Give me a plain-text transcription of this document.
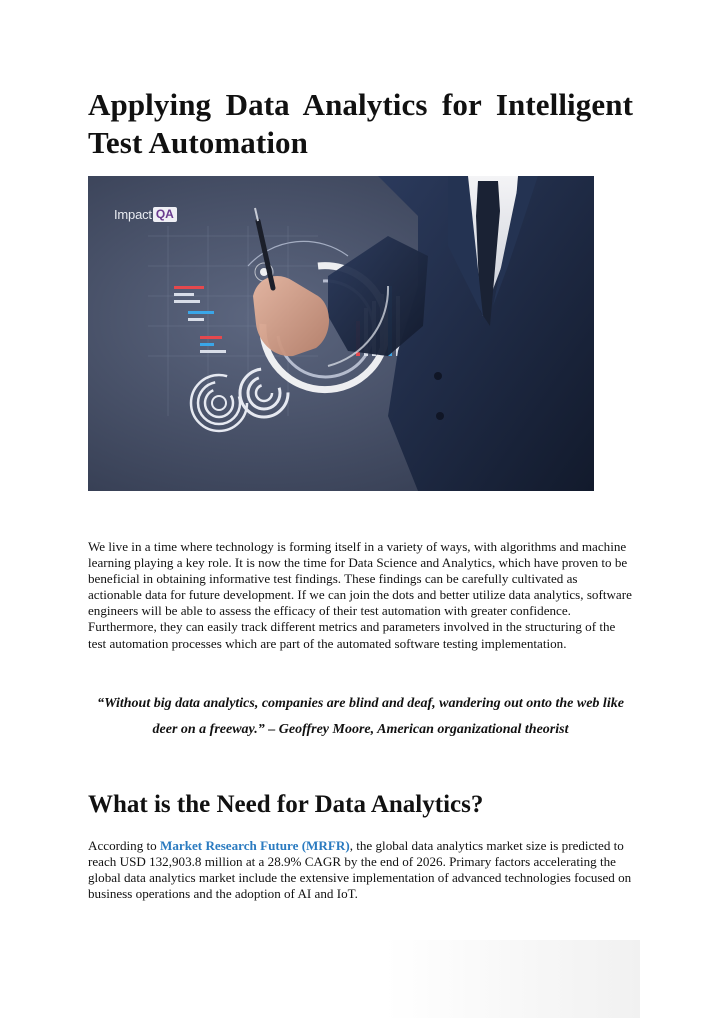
Applying Data Analytics for Intelligent Test Automation
Impact QA

We live in a time where technology is forming itself in a variety of ways, with algorithms and machine learning playing a key role. It is now the time for Data Science and Analytics, which have proven to be beneficial in obtaining informative test findings. These findings can be carefully cultivated as actionable data for future development. If we can join the dots and better utilize data analytics, software engineers will be able to assess the efficacy of their test automation with greater confidence. Furthermore, they can easily track different metrics and parameters involved in the structuring of the test automation processes which are part of the automated software testing implementation.

“Without big data analytics, companies are blind and deaf, wandering out onto the web like deer on a freeway.” – Geoffrey Moore, American organizational theorist

What is the Need for Data Analytics?

According to Market Research Future (MRFR), the global data analytics market size is predicted to reach USD 132,903.8 million at a 28.9% CAGR by the end of 2026. Primary factors accelerating the global data analytics market include the extensive implementation of advanced technologies focused on business operations and the adoption of AI and IoT.
